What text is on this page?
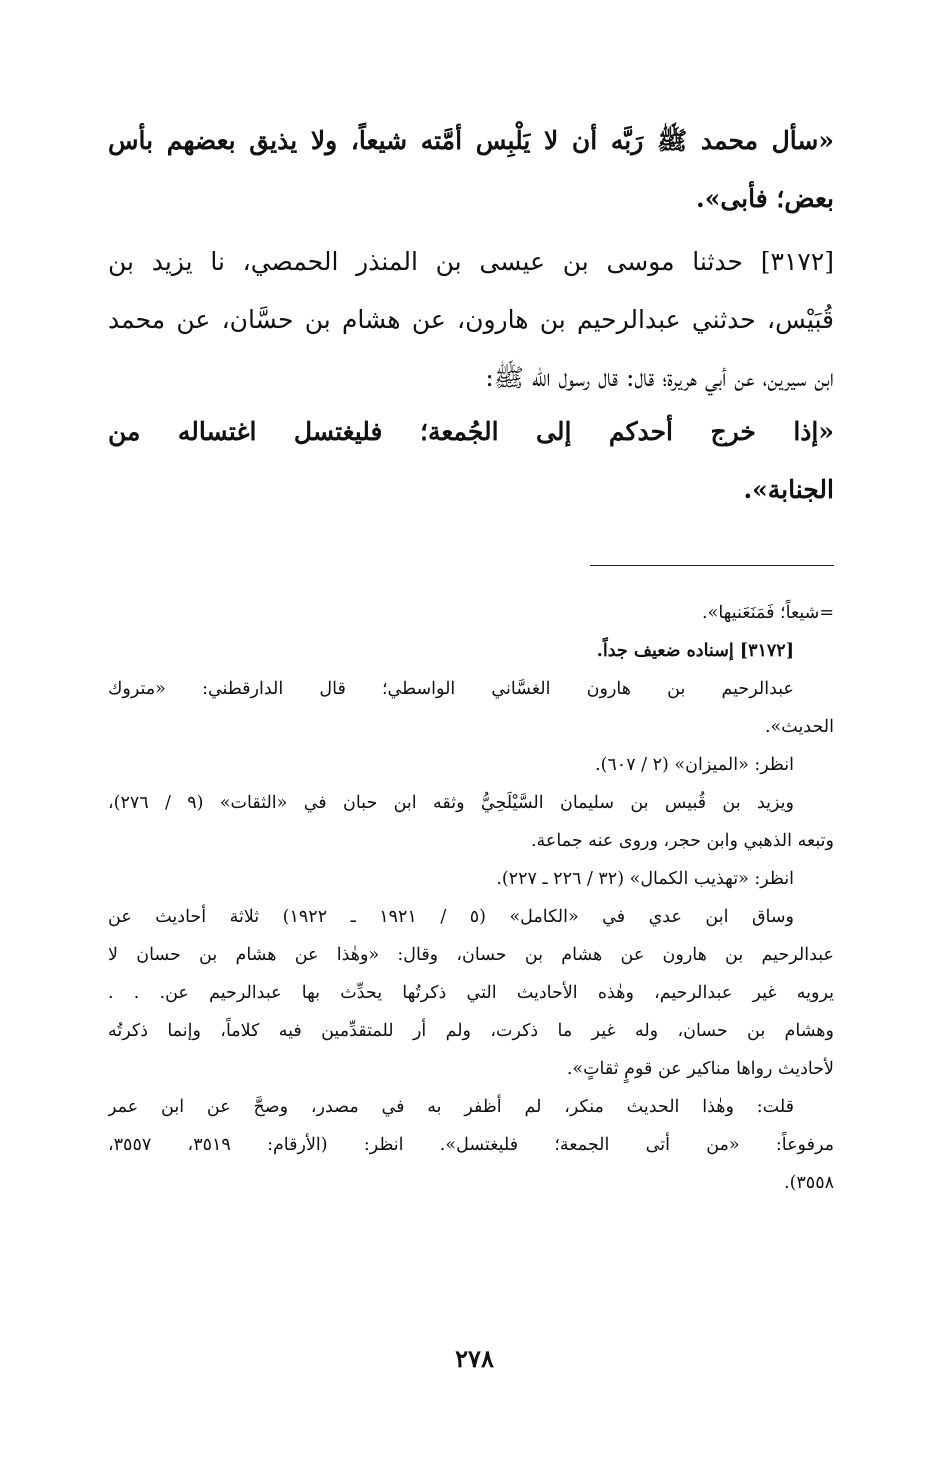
«سأل محمد ﷺ رَبَّه أن لا يَلْبِس أمَّته شيعاً، ولا يذيق بعضهم بأس
بعض؛ فأبى».
[٣١٧٢] حدثنا موسى بن عيسى بن المنذر الحمصي، نا يزيد بن
قُبَيْس، حدثني عبدالرحيم بن هارون، عن هشام بن حسَّان، عن محمد
ابن سيرين، عن أبي هريرة؛ قال: قال رسول الله ﷺ:
«إذا خرج أحدكم إلى الجُمعة؛ فليغتسل اغتساله من
الجنابة».
=شيعاً؛ فَمَنَعَنيها».
[٣١٧٢] إسناده ضعيف جداً.
عبدالرحيم بن هارون الغسَّاني الواسطي؛ قال الدارقطني: «متروك
الحديث».
انظر: «الميزان» (٢ / ٦٠٧).
ويزيد بن قُبيس بن سليمان السَّيْلَحِيُّ وثقه ابن حبان في «الثقات» (٩ / ٢٧٦)،
وتبعه الذهبي وابن حجر، وروى عنه جماعة.
انظر: «تهذيب الكمال» (٣٢ / ٢٢٦ ـ ٢٢٧).
وساق ابن عدي في «الكامل» (٥ / ١٩٢١ ـ ١٩٢٢) ثلاثة أحاديث عن
عبدالرحيم بن هارون عن هشام بن حسان، وقال: «وهٰذا عن هشام بن حسان لا
يرويه غير عبدالرحيم، وهٰذه الأحاديث التي ذكرتُها يحدِّث بها عبدالرحيم عن. . .
وهشام بن حسان، وله غير ما ذكرت، ولم أر للمتقدِّمين فيه كلاماً، وإنما ذكرتُه
لأحاديث رواها مناكير عن قومٍ ثقاتٍ».
قلت: وهٰذا الحديث منكر، لم أظفر به في مصدر، وصحَّ عن ابن عمر
مرفوعاً: «من أتى الجمعة؛ فليغتسل». انظر: (الأرقام: ٣٥١٩، ٣٥٥٧،
٣٥٥٨).
٢٧٨
